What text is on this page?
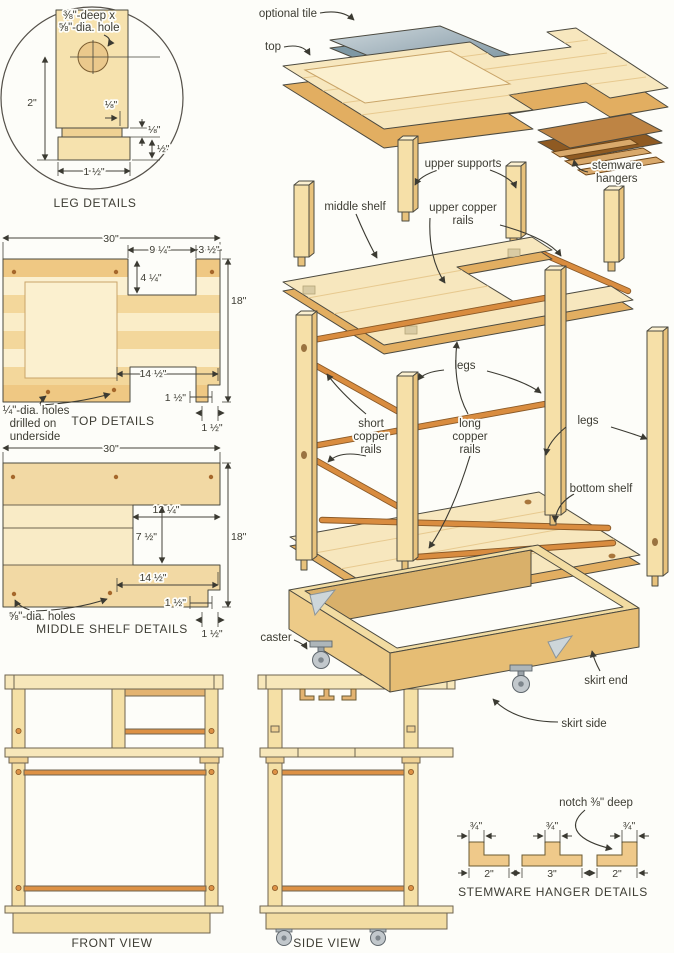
⅜"-deep x
⅝"-dia. hole
2"	⅛"
⅛"
½"
1 ½"
LEG DETAILS
30"
9 ¼"	3 ½"
4 ¼"
18"
14 ½"
1 ½"
1 ½"
¼"-dia. holes
drilled on
underside
TOP DETAILS
30"
12 ¼"
7 ½"	18"
14 ½"
1 ½"
1 ½"
⅝"-dia. holes
MIDDLE SHELF DETAILS
FRONT VIEW	SIDE VIEW
notch ⅜" deep
¾"	¾"	¾"
2"	3"	2"
STEMWARE HANGER DETAILS
optional tile
top
upper supports	stemware
hangers
middle shelf	upper copper
rails
legs
legs
short
copper
rails
long
copper
rails
bottom shelf
caster
skirt end
skirt side
